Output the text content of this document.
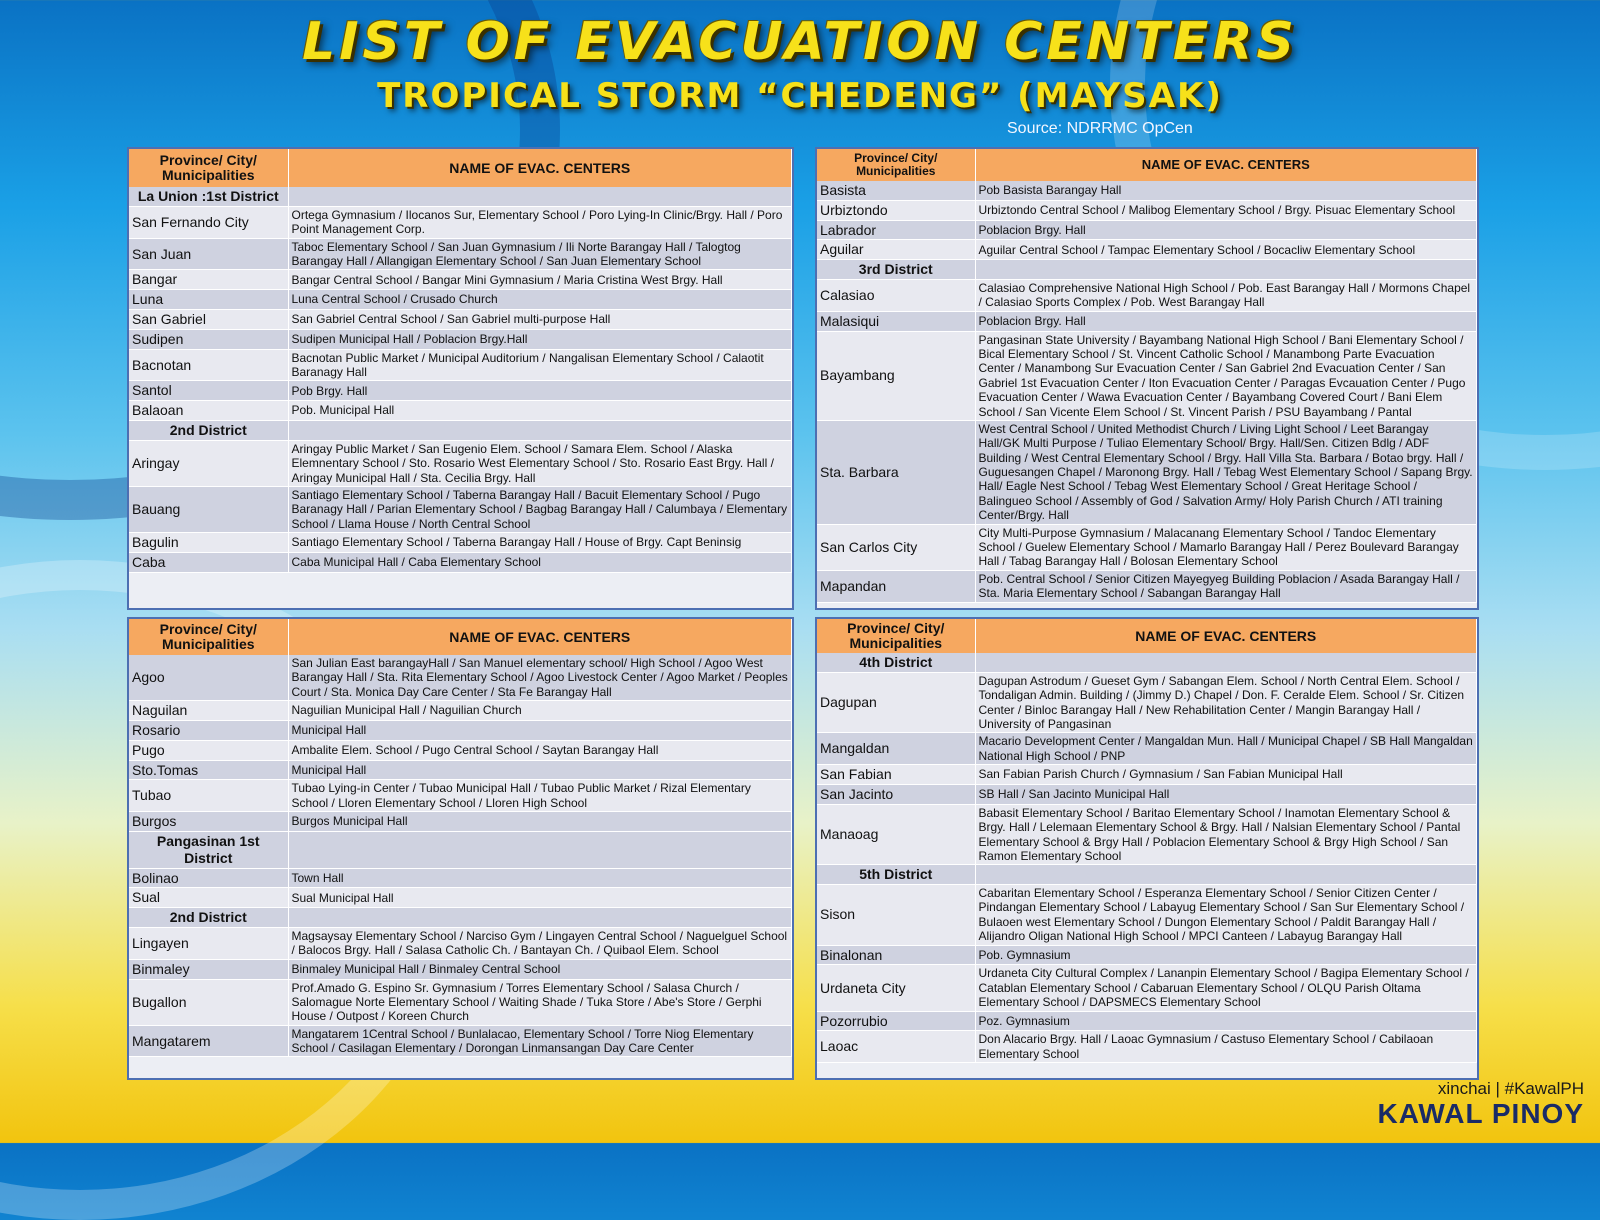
LIST OF EVACUATION CENTERS
TROPICAL STORM “CHEDENG” (MAYSAK)
Source: NDRRMC OpCen
Province/ City/ Municipalities	NAME OF EVAC. CENTERS
La Union :1st District	
San Fernando City	Ortega Gymnasium / Ilocanos Sur, Elementary School / Poro Lying-In Clinic/Brgy. Hall / Poro Point Management Corp.
San Juan	Taboc Elementary School / San Juan Gymnasium / Ili Norte Barangay Hall / Talogtog Barangay Hall / Allangigan Elementary School / San Juan Elementary School
Bangar	Bangar Central School / Bangar Mini Gymnasium / Maria Cristina West Brgy. Hall
Luna	Luna Central School / Crusado Church
San Gabriel	San Gabriel Central School / San Gabriel multi-purpose Hall
Sudipen	Sudipen Municipal Hall / Poblacion Brgy.Hall
Bacnotan	Bacnotan Public Market / Municipal Auditorium / Nangalisan Elementary School / Calaotit Baranagy Hall
Santol	Pob Brgy. Hall
Balaoan	Pob. Municipal Hall
2nd District	
Aringay	Aringay Public Market / San Eugenio Elem. School / Samara Elem. School / Alaska Elemnentary School / Sto. Rosario West Elementary School / Sto. Rosario East Brgy. Hall / Aringay Municipal Hall / Sta. Cecilia Brgy. Hall
Bauang	Santiago Elementary School / Taberna Barangay Hall / Bacuit Elementary School / Pugo Baranagy Hall / Parian Elementary School / Bagbag Barangay Hall / Calumbaya / Elementary School / Llama House / North Central School
Bagulin	Santiago Elementary School / Taberna Barangay Hall / House of Brgy. Capt Beninsig
Caba	Caba Municipal Hall / Caba Elementary School
Province/ City/ Municipalities	NAME OF EVAC. CENTERS
Basista	Pob Basista Barangay Hall
Urbiztondo	Urbiztondo Central School / Malibog Elementary School / Brgy. Pisuac Elementary School
Labrador	Poblacion Brgy. Hall
Aguilar	Aguilar Central School / Tampac Elementary School / Bocacliw Elementary School
3rd District	
Calasiao	Calasiao Comprehensive National High School / Pob. East Barangay Hall / Mormons Chapel / Calasiao Sports Complex / Pob. West Barangay Hall
Malasiqui	Poblacion Brgy. Hall
Bayambang	Pangasinan State University / Bayambang National High School / Bani Elementary School / Bical Elementary School / St. Vincent Catholic School / Manambong Parte Evacuation Center / Manambong Sur Evacuation Center / San Gabriel 2nd Evacuation Center / San Gabriel 1st Evacuation Center / Iton Evacuation Center / Paragas Evcauation Center / Pugo Evacuation Center / Wawa Evacuation Center / Bayambang Covered Court / Bani Elem School / San Vicente Elem School / St. Vincent Parish / PSU Bayambang / Pantal
Sta. Barbara	West Central School / United Methodist Church / Living Light School / Leet Barangay Hall/GK Multi Purpose / Tuliao Elementary School/ Brgy. Hall/Sen. Citizen Bdlg / ADF Building / West Central Elementary School / Brgy. Hall Villa Sta. Barbara / Botao brgy. Hall / Guguesangen Chapel / Maronong Brgy. Hall / Tebag West Elementary School / Sapang Brgy. Hall/ Eagle Nest School / Tebag West Elementary School / Great Heritage School / Balingueo School / Assembly of God / Salvation Army/ Holy Parish Church / ATI training Center/Brgy. Hall
San Carlos City	City Multi-Purpose Gymnasium / Malacanang Elementary School / Tandoc Elementary School / Guelew Elementary School / Mamarlo Barangay Hall / Perez Boulevard Barangay Hall / Tabag Barangay Hall / Bolosan Elementary School
Mapandan	Pob. Central School / Senior Citizen Mayegyeg Building Poblacion / Asada Barangay Hall / Sta. Maria Elementary School / Sabangan Barangay Hall
Province/ City/ Municipalities	NAME OF EVAC. CENTERS
Agoo	San Julian East barangayHall / San Manuel elementary school/ High School / Agoo West Barangay Hall / Sta. Rita Elementary School / Agoo Livestock Center / Agoo Market / Peoples Court / Sta. Monica Day Care Center / Sta Fe Barangay Hall
Naguilan	Naguilian Municipal Hall / Naguilian Church
Rosario	Municipal Hall
Pugo	Ambalite Elem. School / Pugo Central School / Saytan Barangay Hall
Sto.Tomas	Municipal Hall
Tubao	Tubao Lying-in Center / Tubao Municipal Hall / Tubao Public Market / Rizal Elementary School / Lloren Elementary School / Lloren High School
Burgos	Burgos Municipal Hall
Pangasinan 1st District	
Bolinao	Town Hall
Sual	Sual Municipal Hall
2nd District	
Lingayen	Magsaysay Elementary School / Narciso Gym / Lingayen Central School / Naguelguel School / Balocos Brgy. Hall / Salasa Catholic Ch. / Bantayan Ch. / Quibaol Elem. School
Binmaley	Binmaley Municipal Hall / Binmaley Central School
Bugallon	Prof.Amado G. Espino Sr. Gymnasium / Torres Elementary School / Salasa Church / Salomague Norte Elementary School / Waiting Shade / Tuka Store / Abe's Store / Gerphi House / Outpost / Koreen Church
Mangatarem	Mangatarem 1Central School / Bunlalacao, Elementary School / Torre Niog Elementary School / Casilagan Elementary / Dorongan Linmansangan Day Care Center
Province/ City/ Municipalities	NAME OF EVAC. CENTERS
4th District	
Dagupan	Dagupan Astrodum / Gueset Gym / Sabangan Elem. School / North Central Elem. School / Tondaligan Admin. Building / (Jimmy D.) Chapel / Don. F. Ceralde Elem. School / Sr. Citizen Center / Binloc Barangay Hall / New Rehabilitation Center / Mangin Barangay Hall / University of Pangasinan
Mangaldan	Macario Development Center / Mangaldan Mun. Hall / Municipal Chapel / SB Hall Mangaldan National High School / PNP
San Fabian	San Fabian Parish Church / Gymnasium / San Fabian Municipal Hall
San Jacinto	SB Hall / San Jacinto Municipal Hall
Manaoag	Babasit Elementary School / Baritao Elementary School / Inamotan Elementary School & Brgy. Hall / Lelemaan Elementary School & Brgy. Hall / Nalsian Elementary School / Pantal Elementary School & Brgy Hall / Poblacion Elementary School & Brgy High School / San Ramon Elementary School
5th District	
Sison	Cabaritan Elementary School / Esperanza Elementary School / Senior Citizen Center / Pindangan Elementary School / Labayug Elementary School / San Sur Elementary School / Bulaoen west Elementary School / Dungon Elementary School / Paldit Barangay Hall / Alijandro Oligan National High School / MPCI Canteen / Labayug Barangay Hall
Binalonan	Pob. Gymnasium
Urdaneta City	Urdaneta City Cultural Complex / Lananpin Elementary School / Bagipa Elementary School / Catablan Elementary School / Cabaruan Elementary School / OLQU Parish Oltama Elementary School / DAPSMECS Elementary School
Pozorrubio	Poz. Gymnasium
Laoac	Don Alacario Brgy. Hall / Laoac Gymnasium / Castuso Elementary School / Cabilaoan Elementary School
xinchai | #KawalPH
KAWAL PINOY
